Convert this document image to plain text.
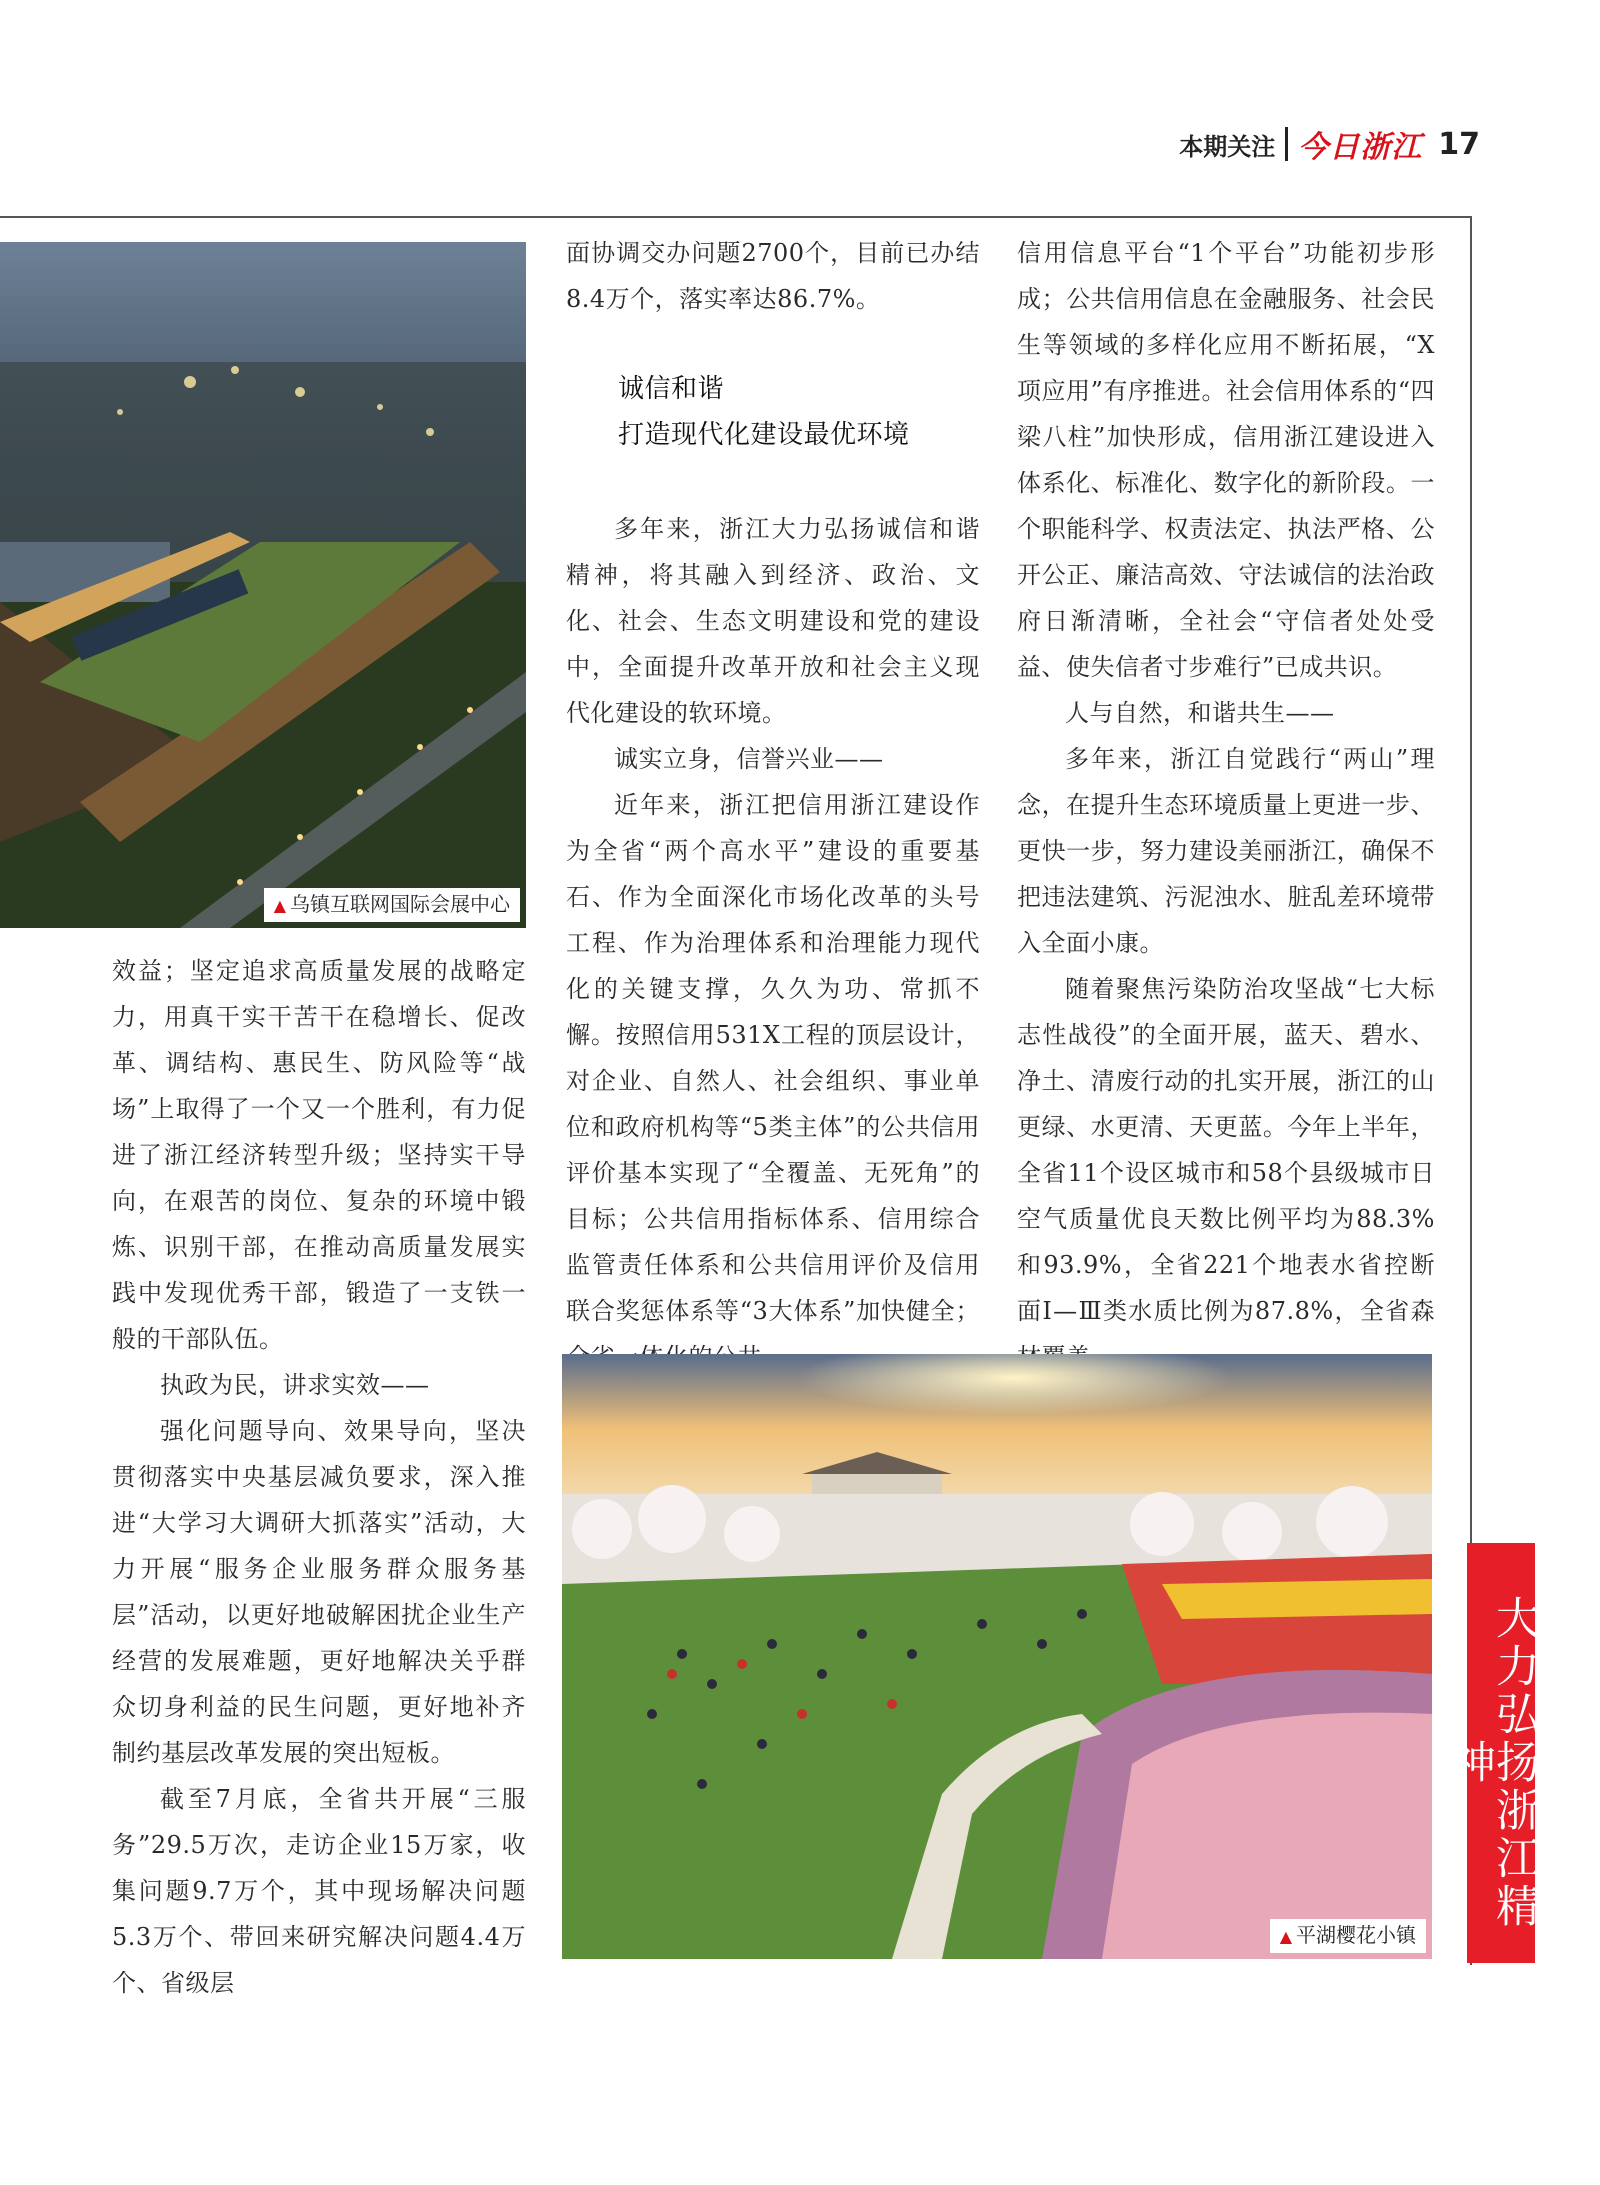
本期关注 今日浙江 17
▲ 乌镇互联网国际会展中心

效益；坚定追求高质量发展的战略定力，用真干实干苦干在稳增长、促改革、调结构、惠民生、防风险等“战场”上取得了一个又一个胜利，有力促进了浙江经济转型升级；坚持实干导向，在艰苦的岗位、复杂的环境中锻炼、识别干部，在推动高质量发展实践中发现优秀干部，锻造了一支铁一般的干部队伍。

执政为民，讲求实效——

强化问题导向、效果导向，坚决贯彻落实中央基层减负要求，深入推进“大学习大调研大抓落实”活动，大力开展“服务企业服务群众服务基层”活动，以更好地破解困扰企业生产经营的发展难题，更好地解决关乎群众切身利益的民生问题，更好地补齐制约基层改革发展的突出短板。

截至7月底，全省共开展“三服务”29.5万次，走访企业15万家，收集问题9.7万个，其中现场解决问题5.3万个、带回来研究解决问题4.4万个、省级层

面协调交办问题2700个，目前已办结8.4万个，落实率达86.7%。

诚信和谐

打造现代化建设最优环境

多年来，浙江大力弘扬诚信和谐精神，将其融入到经济、政治、文化、社会、生态文明建设和党的建设中，全面提升改革开放和社会主义现代化建设的软环境。

诚实立身，信誉兴业——

近年来，浙江把信用浙江建设作为全省“两个高水平”建设的重要基石、作为全面深化市场化改革的头号工程、作为治理体系和治理能力现代化的关键支撑，久久为功、常抓不懈。按照信用531X工程的顶层设计，对企业、自然人、社会组织、事业单位和政府机构等“5类主体”的公共信用评价基本实现了“全覆盖、无死角”的目标；公共信用指标体系、信用综合监管责任体系和公共信用评价及信用联合奖惩体系等“3大体系”加快健全；

信用信息平台“1个平台”功能初步形成；公共信用信息在金融服务、社会民生等领域的多样化应用不断拓展，“X项应用”有序推进。社会信用体系的“四梁八柱”加快形成，信用浙江建设进入体系化、标准化、数字化的新阶段。一个职能科学、权责法定、执法严格、公开公正、廉洁高效、守法诚信的法治政府日渐清晰，全社会“守信者处处受益、使失信者寸步难行”已成共识。

人与自然，和谐共生——

多年来，浙江自觉践行“两山”理念，在提升生态环境质量上更进一步、更快一步，努力建设美丽浙江，确保不把违法建筑、污泥浊水、脏乱差环境带入全面小康。

随着聚焦污染防治攻坚战“七大标志性战役”的全面开展，蓝天、碧水、净土、清废行动的扎实开展，浙江的山更绿、水更清、天更蓝。今年上半年，全省11个设区城市和58个县级城市日空气质量优良天数比例平均为88.3%和93.9%，全省221个地表水省控断面Ⅰ—Ⅲ类水质比例为87.8%，全省森

▲ 平湖樱花小镇
大力弘扬浙江精神
